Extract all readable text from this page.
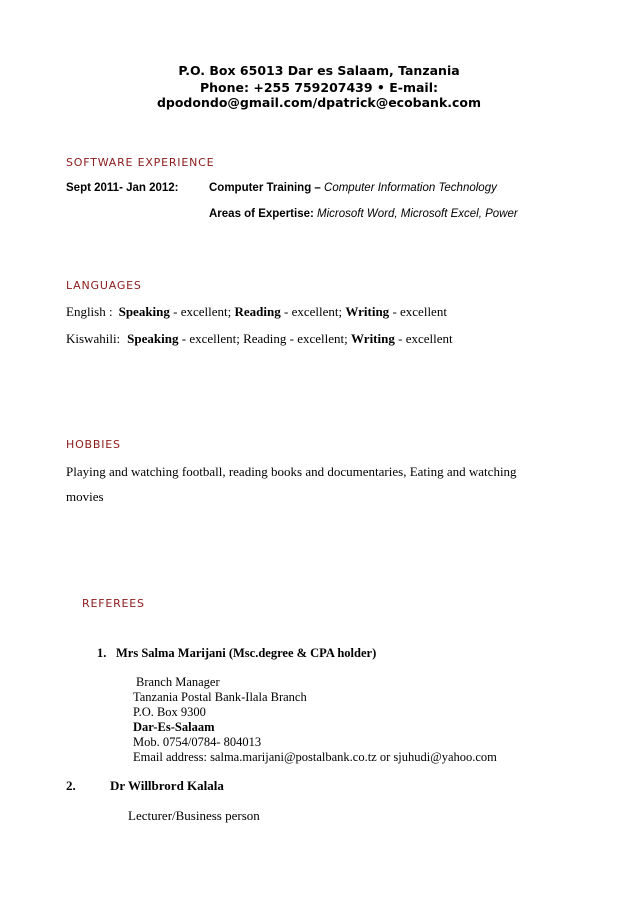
P.O. Box 65013 Dar es Salaam, Tanzania
Phone: +255 759207439 • E-mail:
dpodondo@gmail.com/dpatrick@ecobank.com
SOFTWARE EXPERIENCE
Sept 2011- Jan 2012:	Computer Training – Computer Information Technology
Areas of Expertise: Microsoft Word, Microsoft Excel, Power
LANGUAGES
English : Speaking - excellent; Reading - excellent; Writing - excellent
Kiswahili: Speaking - excellent; Reading - excellent; Writing - excellent
HOBBIES
Playing and watching football, reading books and documentaries, Eating and watching
movies
REFEREES
1. Mrs Salma Marijani (Msc.degree & CPA holder)
Branch Manager
Tanzania Postal Bank-Ilala Branch
P.O. Box 9300
Dar-Es-Salaam
Mob. 0754/0784- 804013
Email address: salma.marijani@postalbank.co.tz or sjuhudi@yahoo.com
2.	Dr Willbrord Kalala
Lecturer/Business person
